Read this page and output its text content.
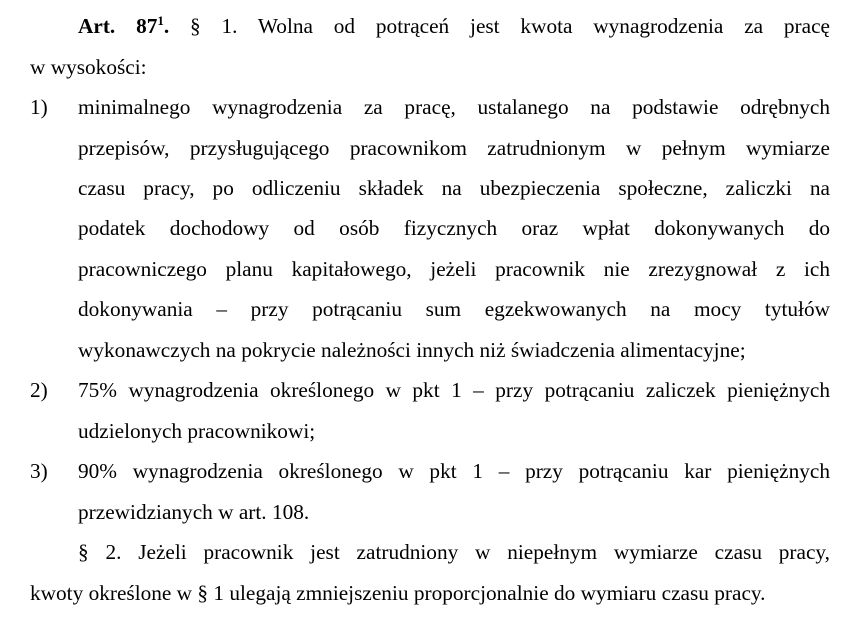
Art. $87^1$. § 1. Wolna od potrąceń jest kwota wynagrodzenia za pracę
w wysokości:
1) minimalnego wynagrodzenia za pracę, ustalanego na podstawie odrębnych
przepisów, przysługującego pracownikom zatrudnionym w pełnym wymiarze
czasu pracy, po odliczeniu składek na ubezpieczenia społeczne, zaliczki na
podatek dochodowy od osób fizycznych oraz wpłat dokonywanych do
pracowniczego planu kapitałowego, jeżeli pracownik nie zrezygnował z ich
dokonywania – przy potrącaniu sum egzekwowanych na mocy tytułów
wykonawczych na pokrycie należności innych niż świadczenia alimentacyjne;
2) 75% wynagrodzenia określonego w pkt 1 – przy potrącaniu zaliczek pieniężnych
udzielonych pracownikowi;
3) 90% wynagrodzenia określonego w pkt 1 – przy potrącaniu kar pieniężnych
przewidzianych w art. 108.
§ 2. Jeżeli pracownik jest zatrudniony w niepełnym wymiarze czasu pracy,
kwoty określone w § 1 ulegają zmniejszeniu proporcjonalnie do wymiaru czasu pracy.
